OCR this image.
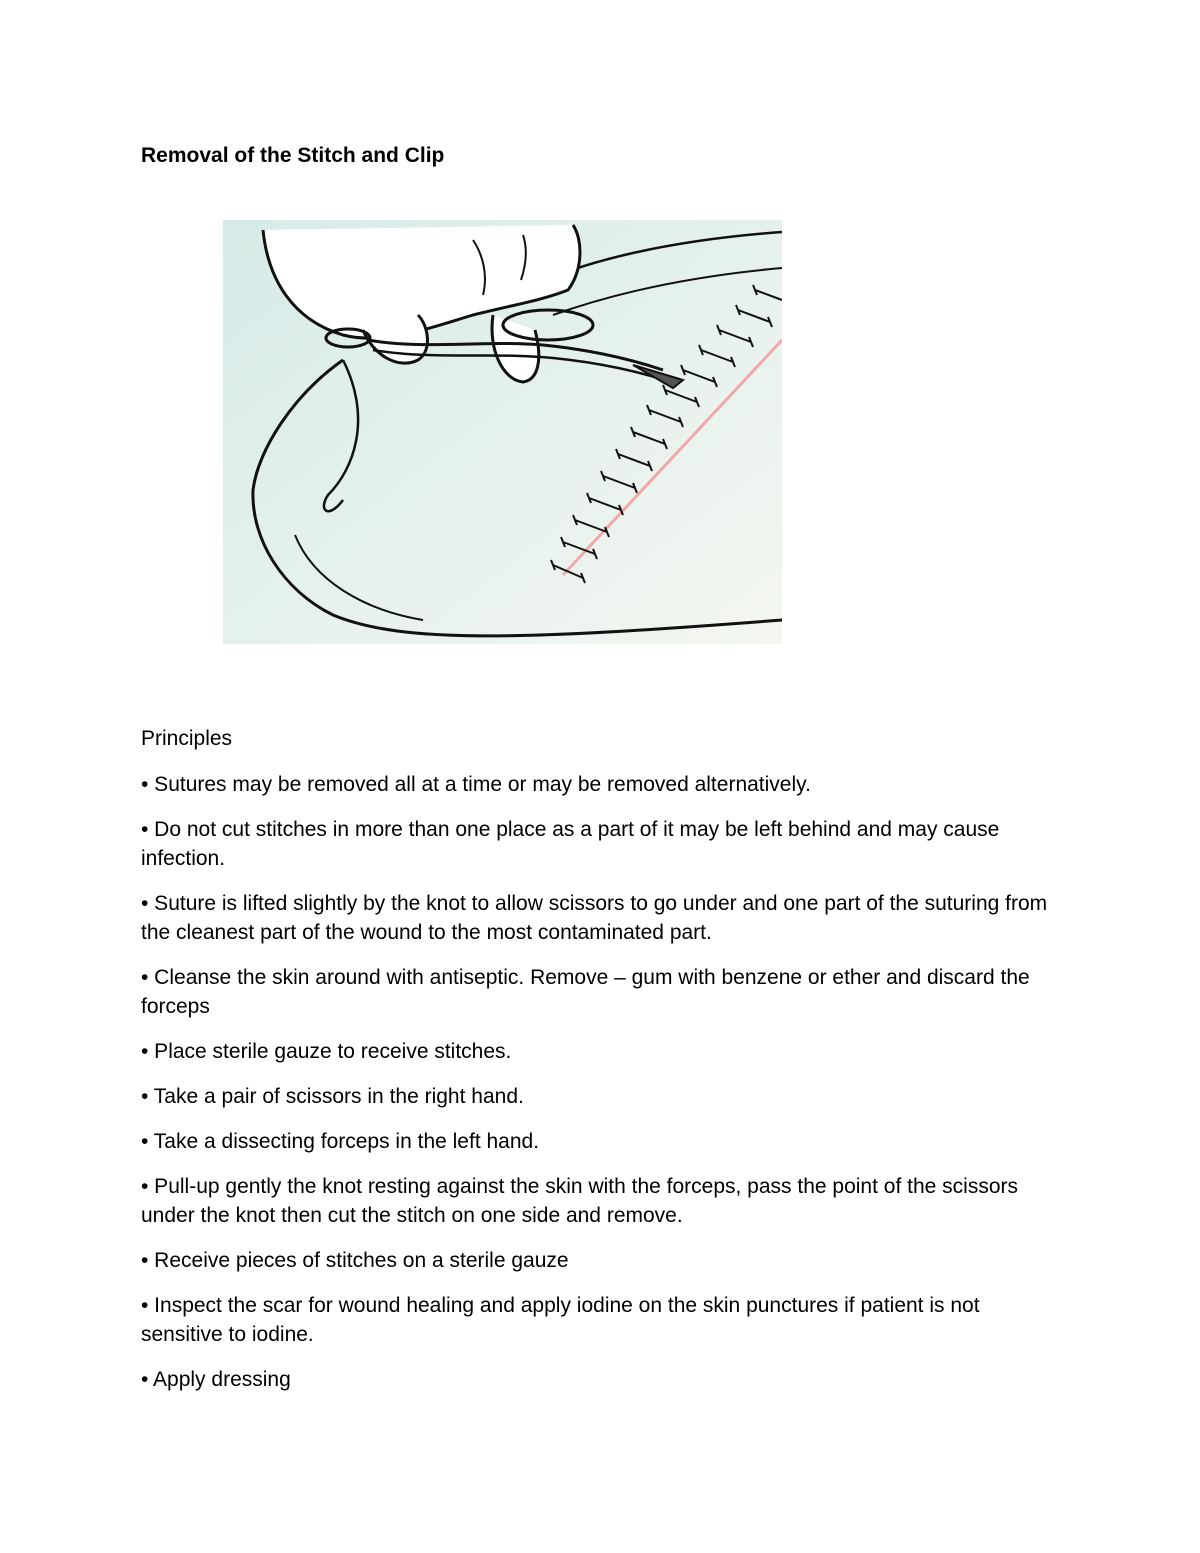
Removal of the Stitch and Clip
Principles
• Sutures may be removed all at a time or may be removed alternatively.
• Do not cut stitches in more than one place as a part of it may be left behind and may cause infection.
• Suture is lifted slightly by the knot to allow scissors to go under and one part of the suturing from the cleanest part of the wound to the most contaminated part.
• Cleanse the skin around with antiseptic. Remove – gum with benzene or ether and discard the forceps
• Place sterile gauze to receive stitches.
• Take a pair of scissors in the right hand.
• Take a dissecting forceps in the left hand.
• Pull-up gently the knot resting against the skin with the forceps, pass the point of the scissors under the knot then cut the stitch on one side and remove.
• Receive pieces of stitches on a sterile gauze
• Inspect the scar for wound healing and apply iodine on the skin punctures if patient is not sensitive to iodine.
• Apply dressing
